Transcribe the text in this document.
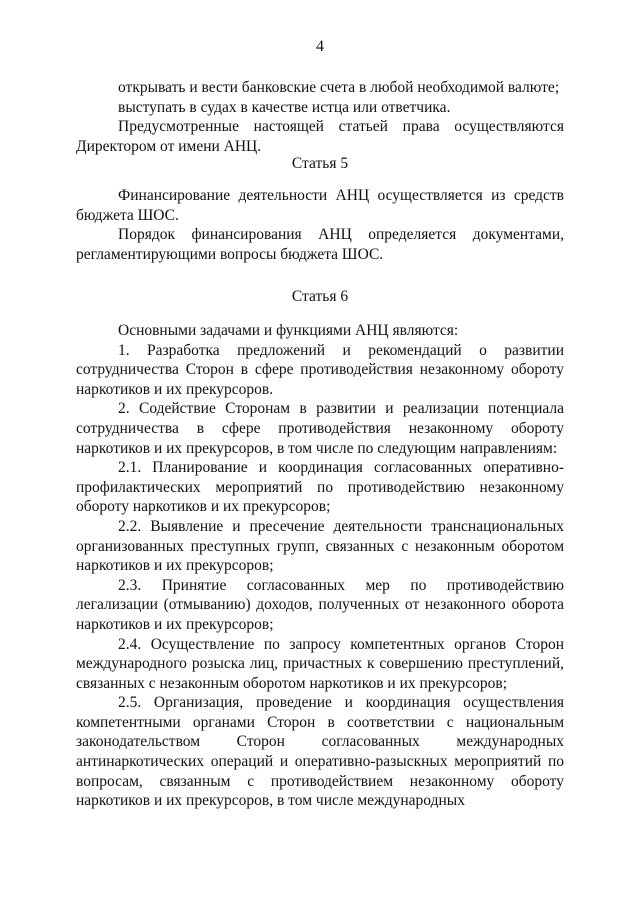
4

открывать и вести банковские счета в любой необходимой валюте;

выступать в судах в качестве истца или ответчика.

Предусмотренные настоящей статьей права осуществляются Директором от имени АНЦ.

Статья 5

Финансирование деятельности АНЦ осуществляется из средств бюджета ШОС.

Порядок финансирования АНЦ определяется документами, регламентирующими вопросы бюджета ШОС.

Статья 6

Основными задачами и функциями АНЦ являются:

1. Разработка предложений и рекомендаций о развитии сотрудничества Сторон в сфере противодействия незаконному обороту наркотиков и их прекурсоров.

2. Содействие Сторонам в развитии и реализации потенциала сотрудничества в сфере противодействия незаконному обороту наркотиков и их прекурсоров, в том числе по следующим направлениям:

2.1. Планирование и координация согласованных оперативно-профилактических мероприятий по противодействию незаконному обороту наркотиков и их прекурсоров;

2.2. Выявление и пресечение деятельности транснациональных организованных преступных групп, связанных с незаконным оборотом наркотиков и их прекурсоров;

2.3. Принятие согласованных мер по противодействию легализации (отмыванию) доходов, полученных от незаконного оборота наркотиков и их прекурсоров;

2.4. Осуществление по запросу компетентных органов Сторон международного розыска лиц, причастных к совершению преступлений, связанных с незаконным оборотом наркотиков и их прекурсоров;

2.5. Организация, проведение и координация осуществления компетентными органами Сторон в соответствии с национальным законодательством Сторон согласованных международных антинаркотических операций и оперативно-разыскных мероприятий по вопросам, связанным с противодействием незаконному обороту наркотиков и их прекурсоров, в том числе международных
